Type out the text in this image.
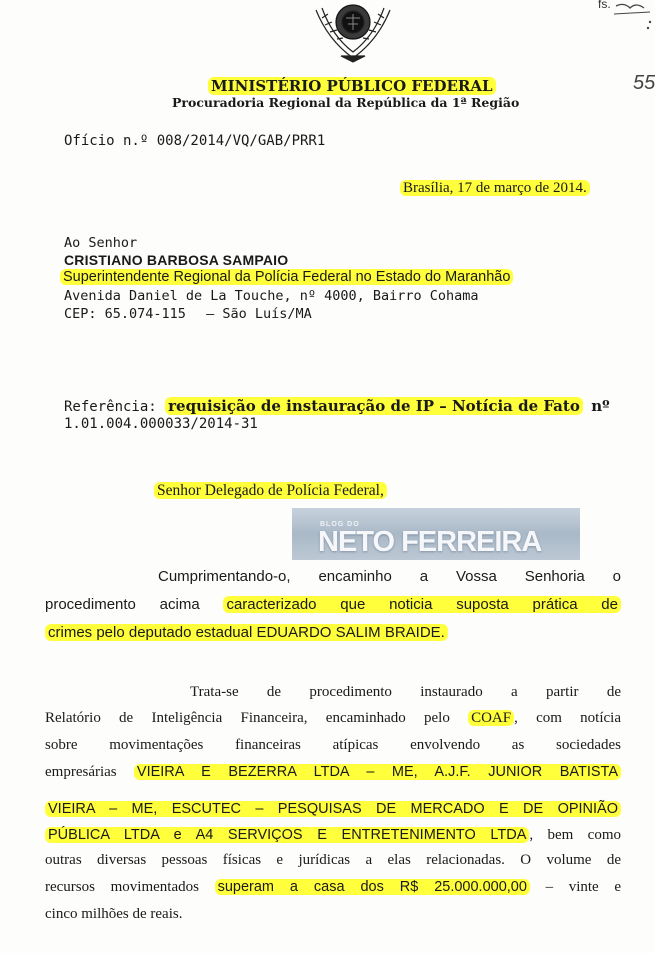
fs.
55
MINISTÉRIO PÚBLICO FEDERAL
Procuradoria Regional da República da 1ª Região
Ofício n.º 008/2014/VQ/GAB/PRR1
Brasília, 17 de março de 2014.
Ao Senhor
CRISTIANO BARBOSA SAMPAIO
Superintendente Regional da Polícia Federal no Estado do Maranhão
Avenida Daniel de La Touche, nº 4000, Bairro Cohama
CEP: 65.074-115 – São Luís/MA
Referência: requisição de instauração de IP – Notícia de Fato nº
1.01.004.000033/2014-31
Senhor Delegado de Polícia Federal,
BLOG DO
NETO FERREIRA
Cumprimentando-o, encaminho a Vossa Senhoria o
procedimento acima caracterizado que noticia suposta prática de
crimes pelo deputado estadual EDUARDO SALIM BRAIDE.
Trata-se de procedimento instaurado a partir de
Relatório de Inteligência Financeira, encaminhado pelo COAF , com notícia
sobre movimentações financeiras atípicas envolvendo as sociedades
empresárias VIEIRA E BEZERRA LTDA – ME, A.J.F. JUNIOR BATISTA
VIEIRA – ME, ESCUTEC – PESQUISAS DE MERCADO E DE OPINIÃO
PÚBLICA LTDA e A4 SERVIÇOS E ENTRETENIMENTO LTDA , bem como
outras diversas pessoas físicas e jurídicas a elas relacionadas. O volume de
recursos movimentados superam a casa dos R$ 25.000.000,00 – vinte e
cinco milhões de reais.
